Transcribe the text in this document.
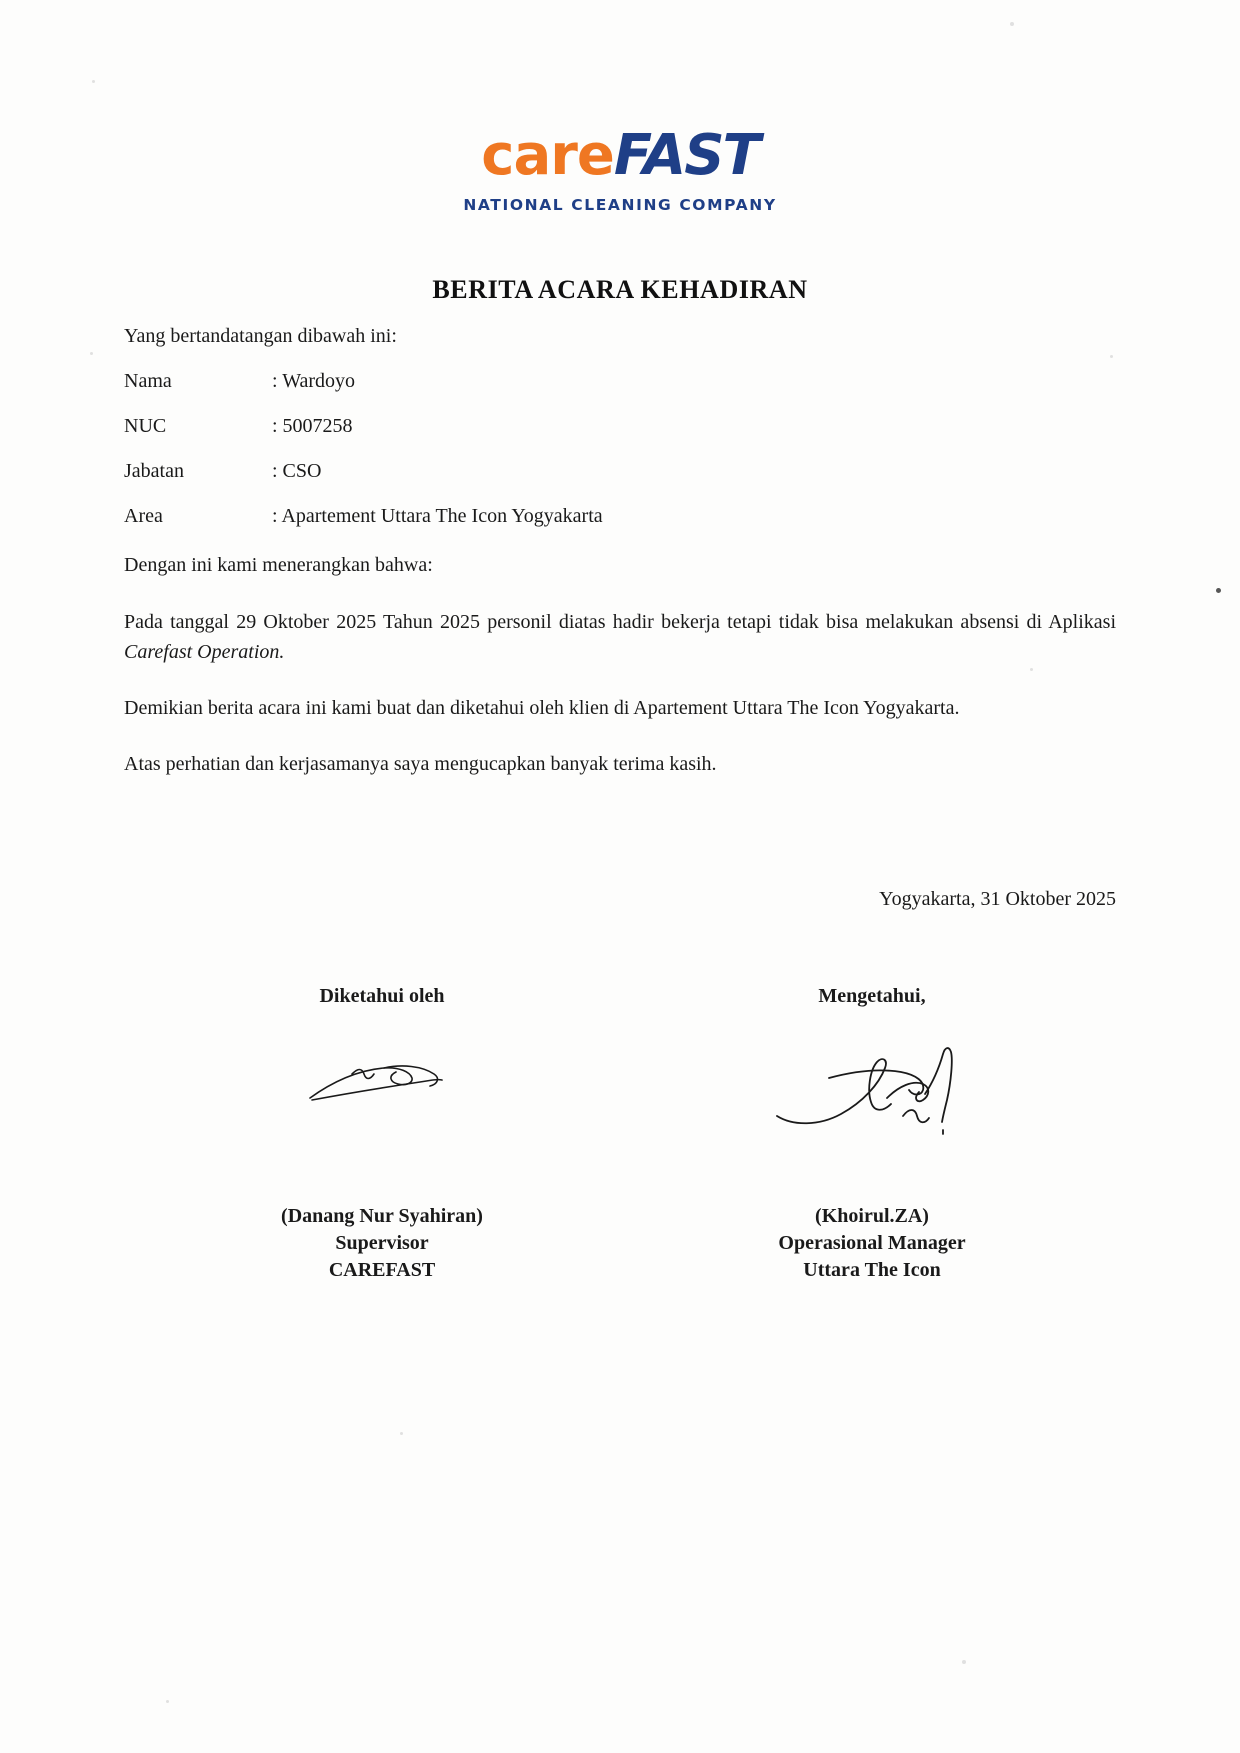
careFAST
NATIONAL CLEANING COMPANY
BERITA ACARA KEHADIRAN
Yang bertandatangan dibawah ini:
Nama	: Wardoyo
NUC	: 5007258
Jabatan	: CSO
Area	: Apartement Uttara The Icon Yogyakarta
Dengan ini kami menerangkan bahwa:
Pada tanggal 29 Oktober 2025 Tahun 2025 personil diatas hadir bekerja tetapi tidak bisa melakukan absensi di Aplikasi Carefast Operation.
Demikian berita acara ini kami buat dan diketahui oleh klien di Apartement Uttara The Icon Yogyakarta.
Atas perhatian dan kerjasamanya saya mengucapkan banyak terima kasih.
Yogyakarta, 31 Oktober 2025
Diketahui oleh
(Danang Nur Syahiran)
Supervisor
CAREFAST
Mengetahui,
(Khoirul.ZA)
Operasional Manager
Uttara The Icon
